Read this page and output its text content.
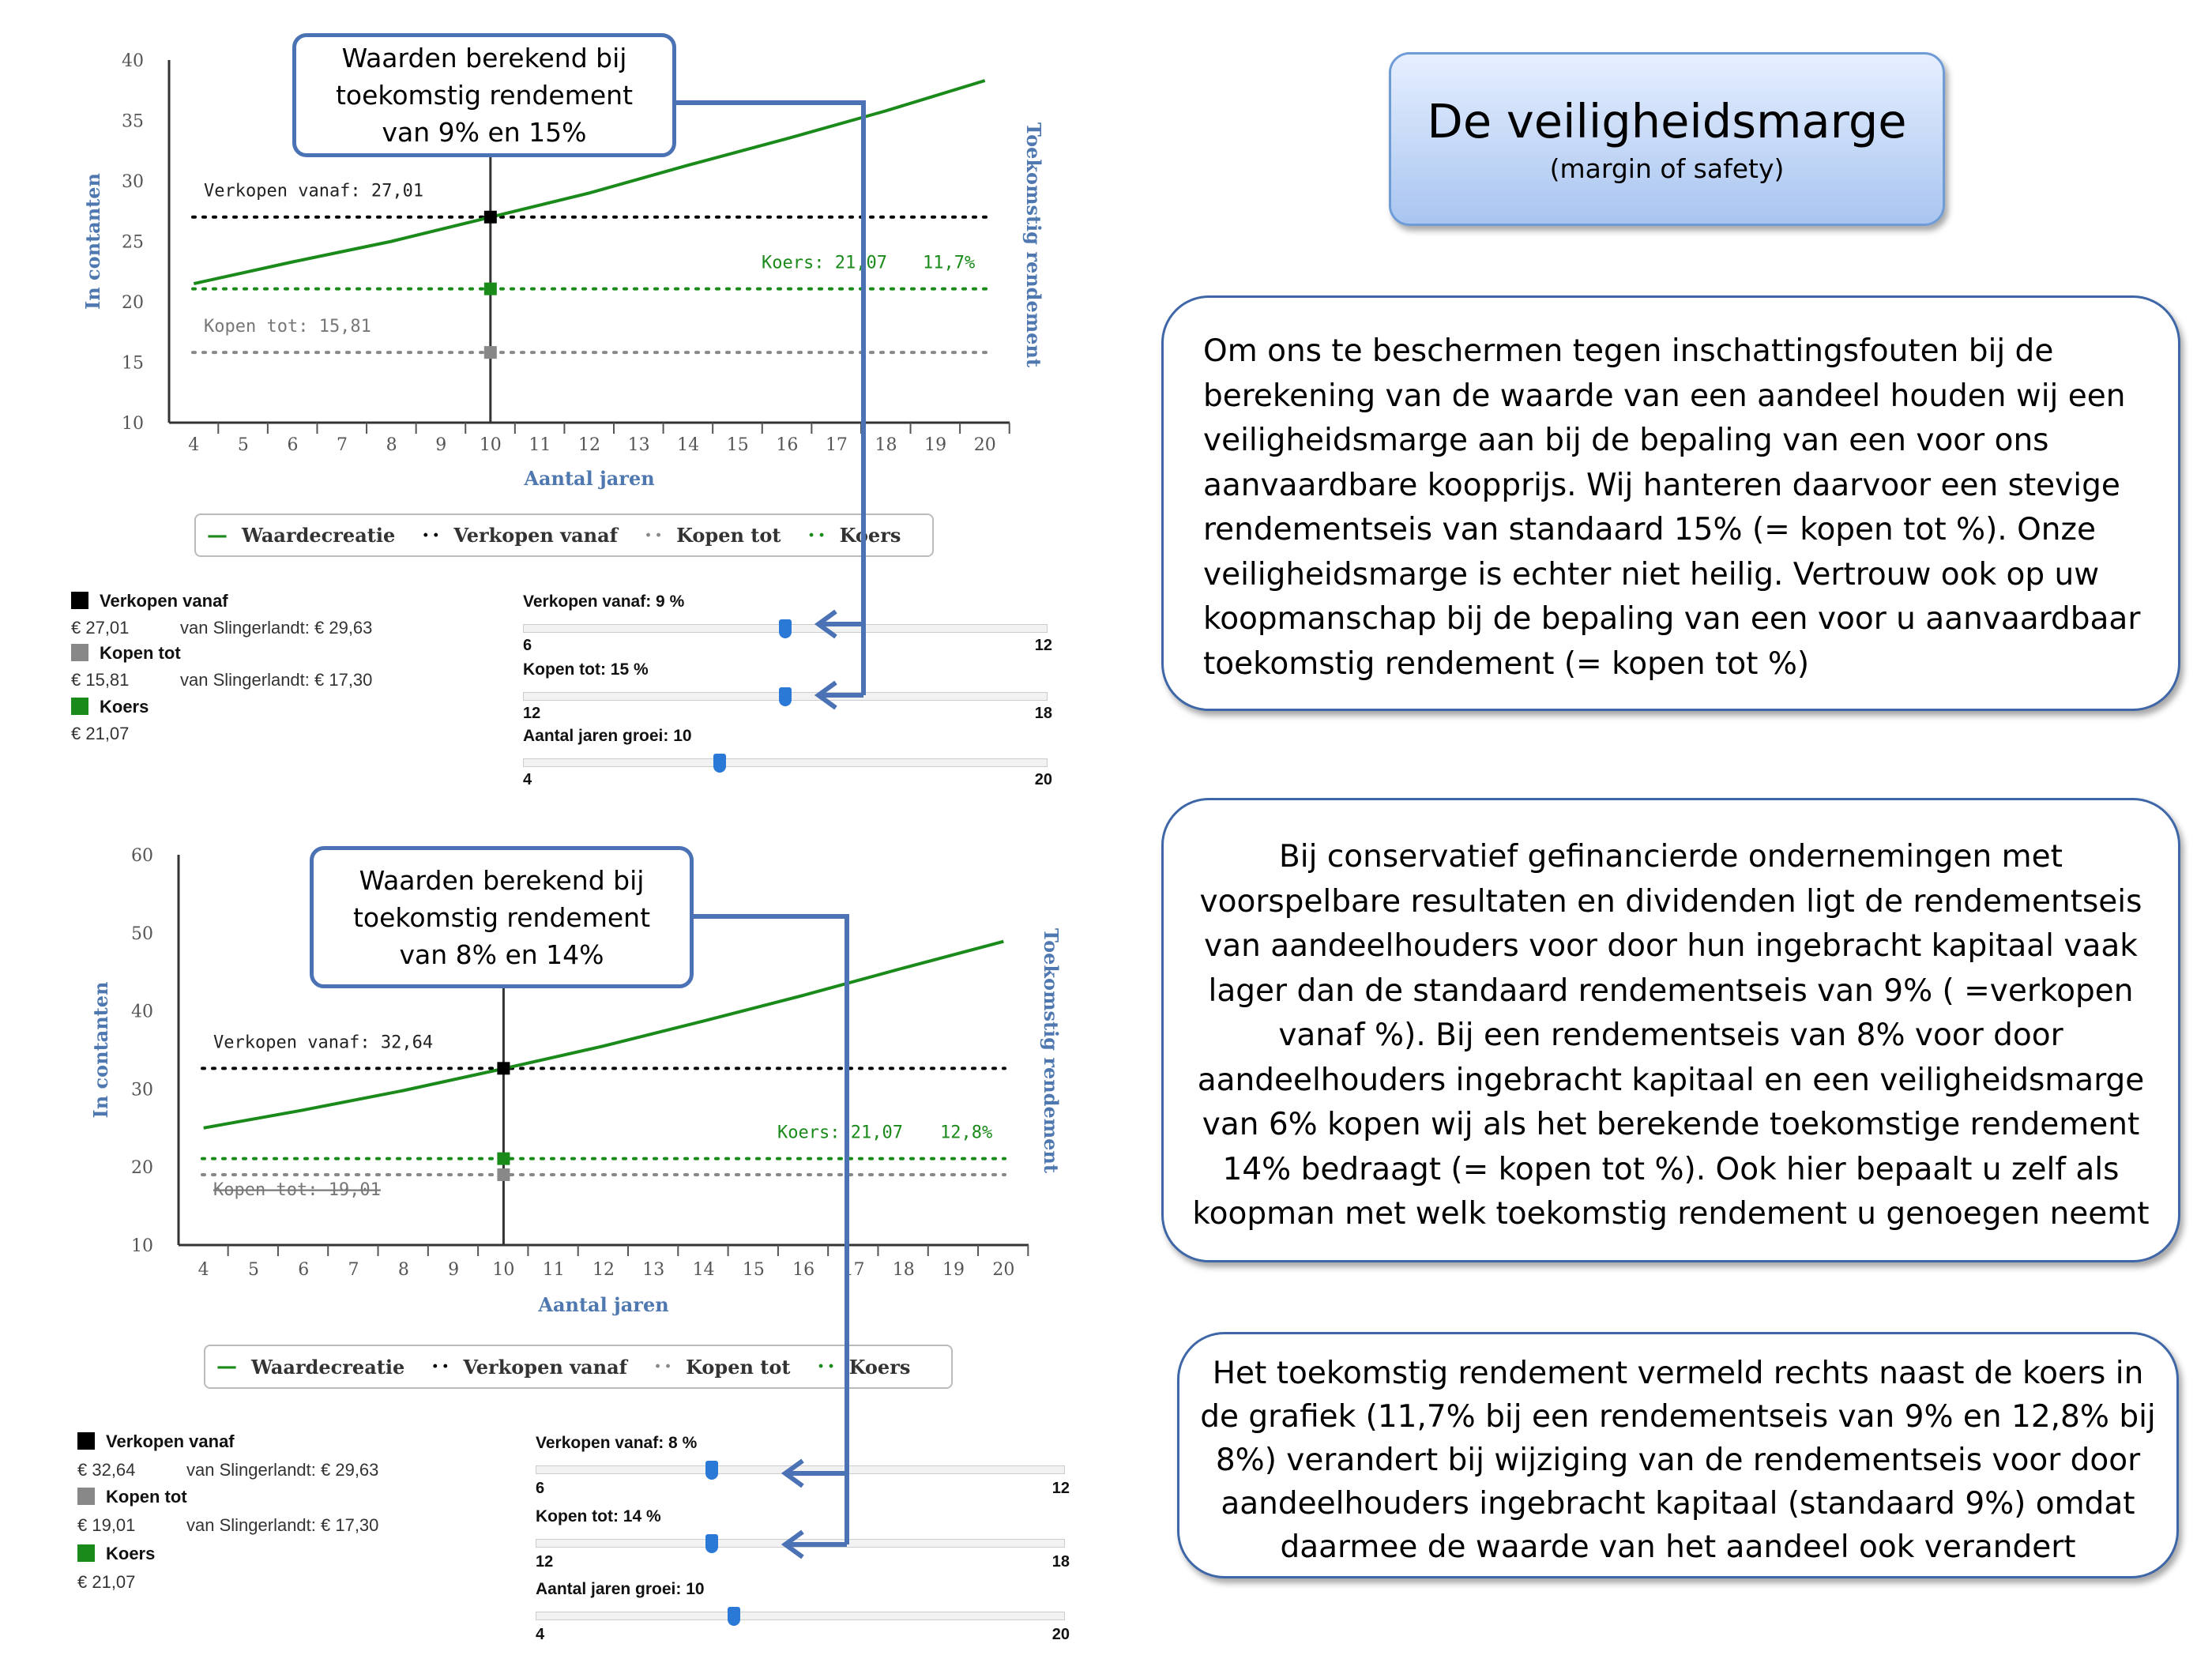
10
15
20
25
30
35
40
4 5 6 7 8 9 10 11 12 13 14 15 16 17 18 19 20
Aantal jaren
In contanten	Toekomstig rendement
Verkopen vanaf: 27,01
Kopen tot: 15,81
Koers: 21,07 11,7%
10
20
30
40
50
60
4 5 6 7 8 9 10 11 12 13 14 15 16 17 18 19 20
Aantal jaren
In contanten	Toekomstig rendement
Verkopen vanaf: 32,64
Kopen tot: 19,01
Koers: 21,07 12,8%
Waarden berekend bij
toekomstig rendement
van 9% en 15%
Waarden berekend bij
toekomstig rendement
van 8% en 14%
— Waardecreatie ·· Verkopen vanaf ·· Kopen tot ·· Koers
— Waardecreatie ·· Verkopen vanaf ·· Kopen tot ·· Koers
Verkopen vanaf
€ 27,01	van Slingerlandt: € 29,63
Kopen tot
€ 15,81	van Slingerlandt: € 17,30
Koers
€ 21,07
Verkopen vanaf
€ 32,64	van Slingerlandt: € 29,63
Kopen tot
€ 19,01	van Slingerlandt: € 17,30
Koers
€ 21,07
Verkopen vanaf: 9 %
6	12
Kopen tot: 15 %
12	18
Aantal jaren groei: 10
4	20
Verkopen vanaf: 8 %
6	12
Kopen tot: 14 %
12	18
Aantal jaren groei: 10
4	20
De veiligheidsmarge
(margin of safety)
Om ons te beschermen tegen inschattingsfouten bij de
berekening van de waarde van een aandeel houden wij een
veiligheidsmarge aan bij de bepaling van een voor ons
aanvaardbare koopprijs. Wij hanteren daarvoor een stevige
rendementseis van standaard 15% (= kopen tot %). Onze
veiligheidsmarge is echter niet heilig. Vertrouw ook op uw
koopmanschap bij de bepaling van een voor u aanvaardbaar
toekomstig rendement (= kopen tot %)
Bij conservatief gefinancierde ondernemingen met
voorspelbare resultaten en dividenden ligt de rendementseis
van aandeelhouders voor door hun ingebracht kapitaal vaak
lager dan de standaard rendementseis van 9% ( =verkopen
vanaf %). Bij een rendementseis van 8% voor door
aandeelhouders ingebracht kapitaal en een veiligheidsmarge
van 6% kopen wij als het berekende toekomstige rendement
14% bedraagt (= kopen tot %). Ook hier bepaalt u zelf als
koopman met welk toekomstig rendement u genoegen neemt
Het toekomstig rendement vermeld rechts naast de koers in
de grafiek (11,7% bij een rendementseis van 9% en 12,8% bij
8%) verandert bij wijziging van de rendementseis voor door
aandeelhouders ingebracht kapitaal (standaard 9%) omdat
daarmee de waarde van het aandeel ook verandert
